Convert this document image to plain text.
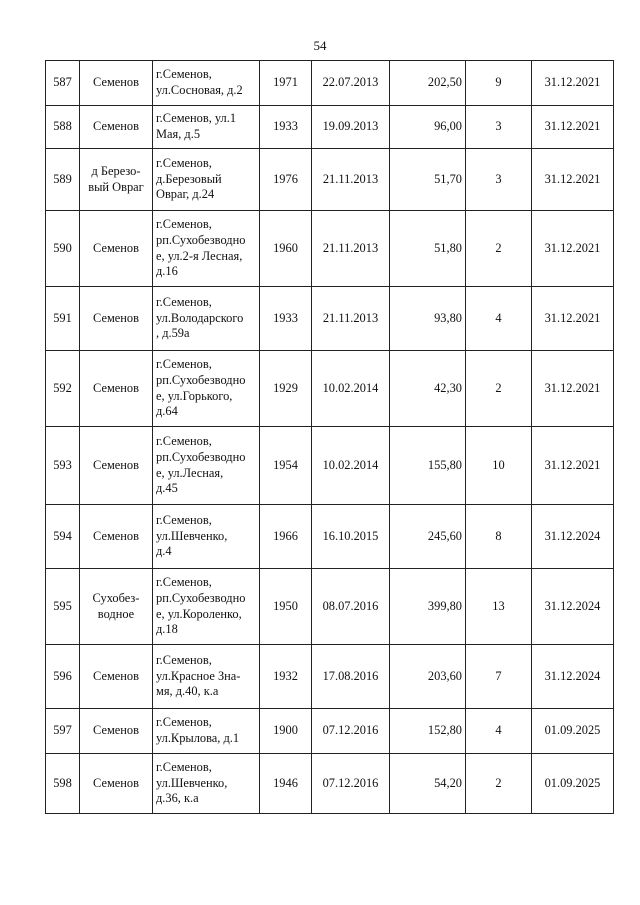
54
587	Семенов	г.Семенов,
ул.Сосновая, д.2	1971	22.07.2013	202,50	9	31.12.2021
588	Семенов	г.Семенов, ул.1
Мая, д.5	1933	19.09.2013	96,00	3	31.12.2021
589	д Березо-
вый Овраг	г.Семенов,
д.Березовый
Овраг, д.24	1976	21.11.2013	51,70	3	31.12.2021
590	Семенов	г.Семенов,
рп.Сухобезводно
е, ул.2-я Лесная,
д.16	1960	21.11.2013	51,80	2	31.12.2021
591	Семенов	г.Семенов,
ул.Володарского
, д.59а	1933	21.11.2013	93,80	4	31.12.2021
592	Семенов	г.Семенов,
рп.Сухобезводно
е, ул.Горького,
д.64	1929	10.02.2014	42,30	2	31.12.2021
593	Семенов	г.Семенов,
рп.Сухобезводно
е, ул.Лесная,
д.45	1954	10.02.2014	155,80	10	31.12.2021
594	Семенов	г.Семенов,
ул.Шевченко,
д.4	1966	16.10.2015	245,60	8	31.12.2024
595	Сухобез-
водное	г.Семенов,
рп.Сухобезводно
е, ул.Короленко,
д.18	1950	08.07.2016	399,80	13	31.12.2024
596	Семенов	г.Семенов,
ул.Красное Зна-
мя, д.40, к.а	1932	17.08.2016	203,60	7	31.12.2024
597	Семенов	г.Семенов,
ул.Крылова, д.1	1900	07.12.2016	152,80	4	01.09.2025
598	Семенов	г.Семенов,
ул.Шевченко,
д.36, к.а	1946	07.12.2016	54,20	2	01.09.2025
